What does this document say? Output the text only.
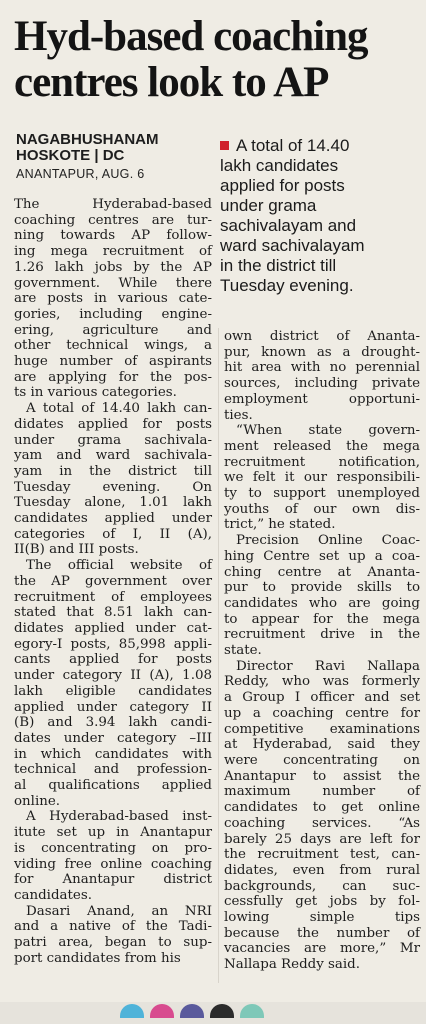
Hyd-based coaching
centres look to AP
NAGABHUSHANAM
HOSKOTE | DC
ANANTAPUR, AUG. 6
A total of 14.40
lakh candidates
applied for posts
under grama
sachivalayam and
ward sachivalayam
in the district till
Tuesday evening.
The Hyderabad-based
coaching centres are tur-
ning towards AP follow-
ing mega recruitment of
1.26 lakh jobs by the AP
government. While there
are posts in various cate-
gories, including engine-
ering, agriculture and
other technical wings, a
huge number of aspirants
are applying for the pos-
ts in various categories.
A total of 14.40 lakh can-
didates applied for posts
under grama sachivala-
yam and ward sachivala-
yam in the district till
Tuesday evening. On
Tuesday alone, 1.01 lakh
candidates applied under
categories of I, II (A),
II(B) and III posts.
The official website of
the AP government over
recruitment of employees
stated that 8.51 lakh can-
didates applied under cat-
egory-I posts, 85,998 appli-
cants applied for posts
under category II (A), 1.08
lakh eligible candidates
applied under category II
(B) and 3.94 lakh candi-
dates under category –III
in which candidates with
technical and profession-
al qualifications applied
online.
A Hyderabad-based inst-
itute set up in Anantapur
is concentrating on pro-
viding free online coaching
for Anantapur district
candidates.
Dasari Anand, an NRI
and a native of the Tadi-
patri area, began to sup-
port candidates from his
own district of Ananta-
pur, known as a drought-
hit area with no perennial
sources, including private
employment opportuni-
ties.
“When state govern-
ment released the mega
recruitment notification,
we felt it our responsibili-
ty to support unemployed
youths of our own dis-
trict,” he stated.
Precision Online Coac-
hing Centre set up a coa-
ching centre at Ananta-
pur to provide skills to
candidates who are going
to appear for the mega
recruitment drive in the
state.
Director Ravi Nallapa
Reddy, who was formerly
a Group I officer and set
up a coaching centre for
competitive examinations
at Hyderabad, said they
were concentrating on
Anantapur to assist the
maximum number of
candidates to get online
coaching services. “As
barely 25 days are left for
the recruitment test, can-
didates, even from rural
backgrounds, can suc-
cessfully get jobs by fol-
lowing simple tips
because the number of
vacancies are more,” Mr
Nallapa Reddy said.
